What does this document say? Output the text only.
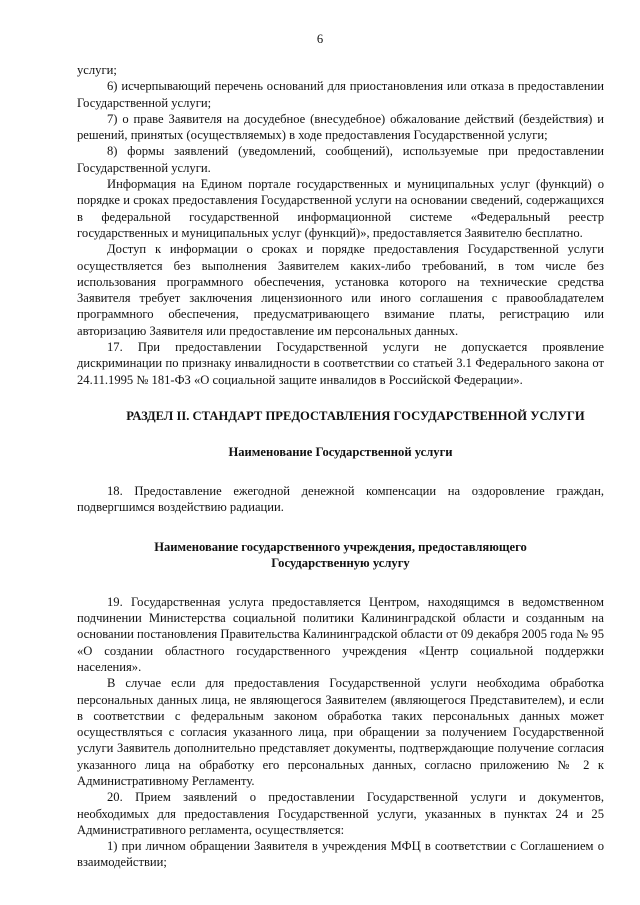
6

услуги;

6) исчерпывающий перечень оснований для приостановления или отказа в предоставлении Государственной услуги;

7) о праве Заявителя на досудебное (внесудебное) обжалование действий (бездействия) и решений, принятых (осуществляемых) в ходе предоставления Государственной услуги;

8) формы заявлений (уведомлений, сообщений), используемые при предоставлении Государственной услуги.

Информация на Едином портале государственных и муниципальных услуг (функций) о порядке и сроках предоставления Государственной услуги на основании сведений, содержащихся в федеральной государственной информационной системе «Федеральный реестр государственных и муниципальных услуг (функций)», предоставляется Заявителю бесплатно.

Доступ к информации о сроках и порядке предоставления Государственной услуги осуществляется без выполнения Заявителем каких-либо требований, в том числе без использования программного обеспечения, установка которого на технические средства Заявителя требует заключения лицензионного или иного соглашения с правообладателем программного обеспечения, предусматривающего взимание платы, регистрацию или авторизацию Заявителя или предоставление им персональных данных.

17. При предоставлении Государственной услуги не допускается проявление дискриминации по признаку инвалидности в соответствии со статьей 3.1 Федерального закона от 24.11.1995 № 181-ФЗ «О социальной защите инвалидов в Российской Федерации».

РАЗДЕЛ II. СТАНДАРТ ПРЕДОСТАВЛЕНИЯ ГОСУДАРСТВЕННОЙ УСЛУГИ
Наименование Государственной услуги

18. Предоставление ежегодной денежной компенсации на оздоровление граждан, подвергшимся воздействию радиации.

Наименование государственного учреждения, предоставляющего
Государственную услугу

19. Государственная услуга предоставляется Центром, находящимся в ведомственном подчинении Министерства социальной политики Калининградской области и созданным на основании постановления Правительства Калининградской области от 09 декабря 2005 года № 95 «О создании областного государственного учреждения «Центр социальной поддержки населения».

В случае если для предоставления Государственной услуги необходима обработка персональных данных лица, не являющегося Заявителем (являющегося Представителем), и если в соответствии с федеральным законом обработка таких персональных данных может осуществляться с согласия указанного лица, при обращении за получением Государственной услуги Заявитель дополнительно представляет документы, подтверждающие получение согласия указанного лица на обработку его персональных данных, согласно приложению № 2 к Административному Регламенту.

20. Прием заявлений о предоставлении Государственной услуги и документов, необходимых для предоставления Государственной услуги, указанных в пунктах 24 и 25 Административного регламента, осуществляется:

1) при личном обращении Заявителя в учреждения МФЦ в соответствии с Соглашением о взаимодействии;
